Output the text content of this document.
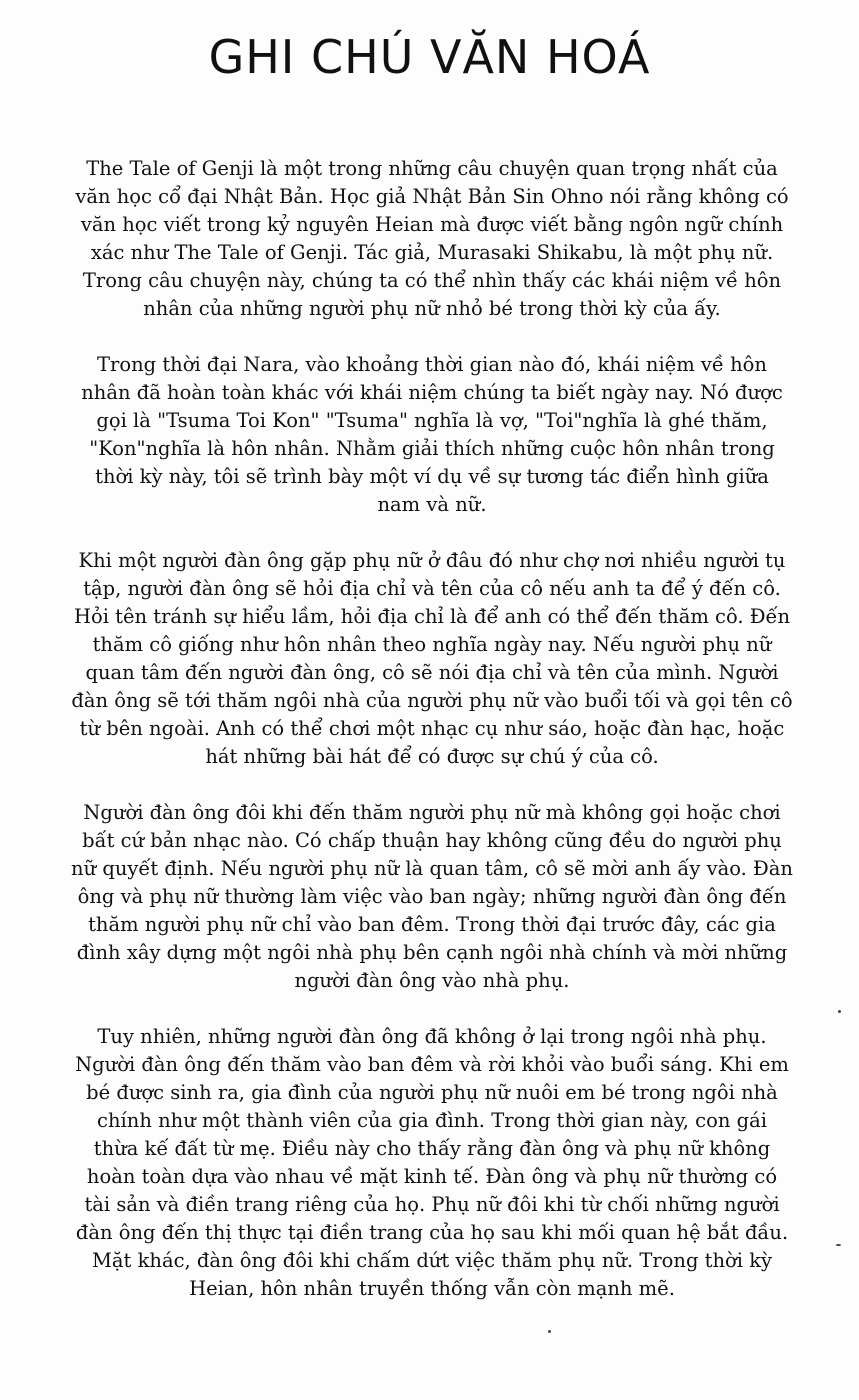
GHI CHÚ VĂN HOÁ

The Tale of Genji là một trong những câu chuyện quan trọng nhất của
văn học cổ đại Nhật Bản. Học giả Nhật Bản Sin Ohno nói rằng không có
văn học viết trong kỷ nguyên Heian mà được viết bằng ngôn ngữ chính
xác như The Tale of Genji. Tác giả, Murasaki Shikabu, là một phụ nữ.
Trong câu chuyện này, chúng ta có thể nhìn thấy các khái niệm về hôn
nhân của những người phụ nữ nhỏ bé trong thời kỳ của ấy.

Trong thời đại Nara, vào khoảng thời gian nào đó, khái niệm về hôn
nhân đã hoàn toàn khác với khái niệm chúng ta biết ngày nay. Nó được
gọi là "Tsuma Toi Kon" "Tsuma" nghĩa là vợ, "Toi"nghĩa là ghé thăm,
"Kon"nghĩa là hôn nhân. Nhằm giải thích những cuộc hôn nhân trong
thời kỳ này, tôi sẽ trình bày một ví dụ về sự tương tác điển hình giữa
nam và nữ.

Khi một người đàn ông gặp phụ nữ ở đâu đó như chợ nơi nhiều người tụ
tập, người đàn ông sẽ hỏi địa chỉ và tên của cô nếu anh ta để ý đến cô.
Hỏi tên tránh sự hiểu lầm, hỏi địa chỉ là để anh có thể đến thăm cô. Đến
thăm cô giống như hôn nhân theo nghĩa ngày nay. Nếu người phụ nữ
quan tâm đến người đàn ông, cô sẽ nói địa chỉ và tên của mình. Người
đàn ông sẽ tới thăm ngôi nhà của người phụ nữ vào buổi tối và gọi tên cô
từ bên ngoài. Anh có thể chơi một nhạc cụ như sáo, hoặc đàn hạc, hoặc
hát những bài hát để có được sự chú ý của cô.

Người đàn ông đôi khi đến thăm người phụ nữ mà không gọi hoặc chơi
bất cứ bản nhạc nào. Có chấp thuận hay không cũng đều do người phụ
nữ quyết định. Nếu người phụ nữ là quan tâm, cô sẽ mời anh ấy vào. Đàn
ông và phụ nữ thường làm việc vào ban ngày; những người đàn ông đến
thăm người phụ nữ chỉ vào ban đêm. Trong thời đại trước đây, các gia
đình xây dựng một ngôi nhà phụ bên cạnh ngôi nhà chính và mời những
người đàn ông vào nhà phụ.

Tuy nhiên, những người đàn ông đã không ở lại trong ngôi nhà phụ.
Người đàn ông đến thăm vào ban đêm và rời khỏi vào buổi sáng. Khi em
bé được sinh ra, gia đình của người phụ nữ nuôi em bé trong ngôi nhà
chính như một thành viên của gia đình. Trong thời gian này, con gái
thừa kế đất từ mẹ. Điều này cho thấy rằng đàn ông và phụ nữ không
hoàn toàn dựa vào nhau về mặt kinh tế. Đàn ông và phụ nữ thường có
tài sản và điền trang riêng của họ. Phụ nữ đôi khi từ chối những người
đàn ông đến thị thực tại điền trang của họ sau khi mối quan hệ bắt đầu.
Mặt khác, đàn ông đôi khi chấm dứt việc thăm phụ nữ. Trong thời kỳ
Heian, hôn nhân truyền thống vẫn còn mạnh mẽ.
